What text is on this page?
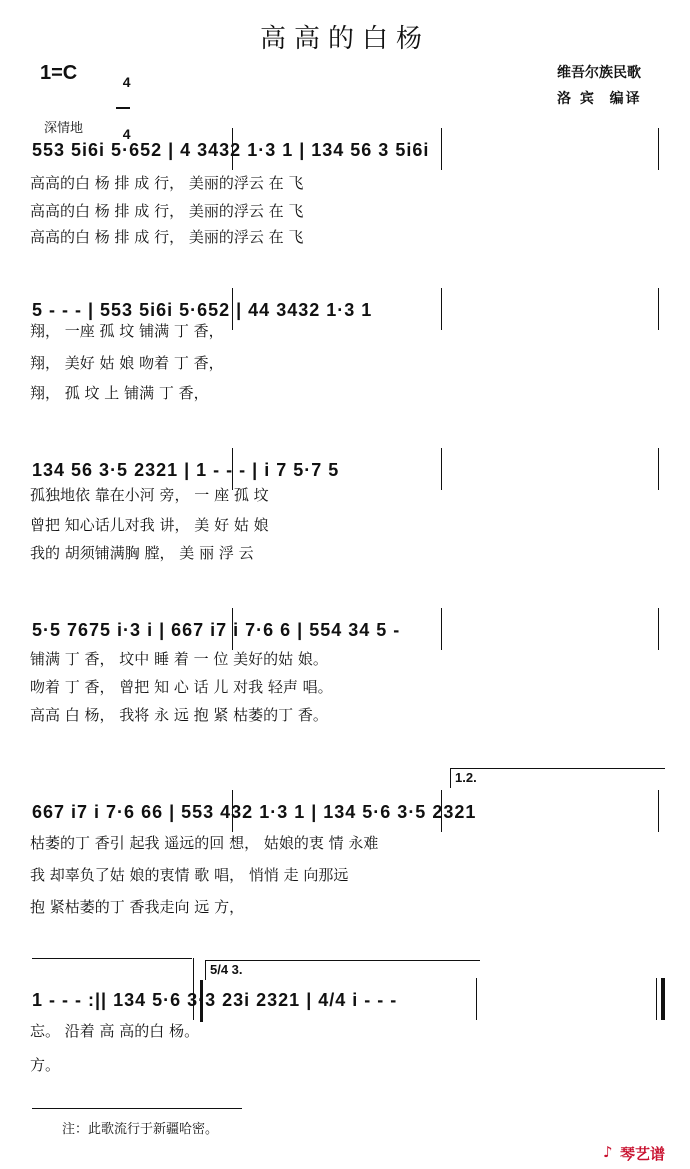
高高的白杨
1=C	4

4

维吾尔族民歌
洛 宾  编译
深情地
553 5i6i 5·652 | 4 3432 1·3 1 | 134 56 3 5i6i
高高的白 杨 排 成 行， 美丽的浮云 在 飞
高高的白 杨 排 成 行， 美丽的浮云 在 飞
高高的白 杨 排 成 行， 美丽的浮云 在 飞
5 - - - | 553 5i6i 5·652 | 44 3432 1·3 1
翔， 一座 孤 坟 铺满 丁 香，
翔， 美好 姑 娘 吻着 丁 香，
翔， 孤 坟 上 铺满 丁 香，
134 56 3·5 2321 | 1 - - - | i 7 5·7 5
孤独地依 靠在小河 旁， 一 座 孤 坟
曾把 知心话儿对我 讲， 美 好 姑 娘
我的 胡须铺满胸 膛， 美 丽 浮 云
5·5 7675 i·3 i | 667 i7 i 7·6 6 | 554 34 5 -
铺满 丁 香， 坟中 睡 着 一 位 美好的姑 娘。
吻着 丁 香， 曾把 知 心 话 儿 对我 轻声 唱。
高高 白 杨， 我将 永 远 抱 紧 枯萎的丁 香。
1.2.
667 i7 i 7·6 66 | 553 432 1·3 1 | 134 5·6 3·5 2321
枯萎的丁 香引 起我 遥远的回 想， 姑娘的衷 情 永难
我 却辜负了姑 娘的衷情 歌 唱， 悄悄 走 向那远
抱 紧枯萎的丁 香我走向 远 方，
5/4 3.
1 - - - :|| 134 5·6 3·3 23i 2321 | 4/4 i - - -
忘。 沿着 高 高的白 杨。
方。
注：此歌流行于新疆哈密。
♪ 琴艺谱
